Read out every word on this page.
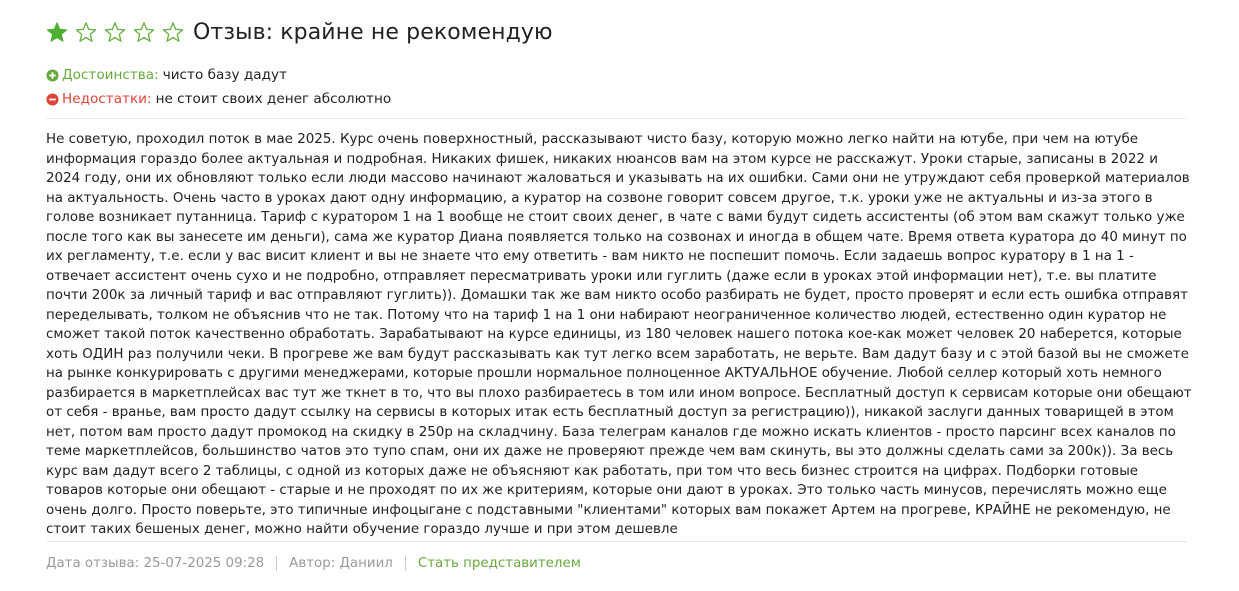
Отзыв: крайне не рекомендую
Достоинства: чисто базу дадут
Недостатки: не стоит своих денег абсолютно

Не советую, проходил поток в мае 2025. Курс очень поверхностный, рассказывают чисто базу, которую можно легко найти на ютубе, при чем на ютубе информация гораздо более актуальная и подробная. Никаких фишек, никаких нюансов вам на этом курсе не расскажут. Уроки старые, записаны в 2022 и 2024 году, они их обновляют только если люди массово начинают жаловаться и указывать на их ошибки. Сами они не утруждают себя проверкой материалов на актуальность. Очень часто в уроках дают одну информацию, а куратор на созвоне говорит совсем другое, т.к. уроки уже не актуальны и из-за этого в голове возникает путанница. Тариф с куратором 1 на 1 вообще не стоит своих денег, в чате с вами будут сидеть ассистенты (об этом вам скажут только уже после того как вы занесете им деньги), сама же куратор Диана появляется только на созвонах и иногда в общем чате. Время ответа куратора до 40 минут по их регламенту, т.е. если у вас висит клиент и вы не знаете что ему ответить - вам никто не поспешит помочь. Если задаешь вопрос куратору в 1 на 1 - отвечает ассистент очень сухо и не подробно, отправляет пересматривать уроки или гуглить (даже если в уроках этой информации нет), т.е. вы платите почти 200к за личный тариф и вас отправляют гуглить)). Домашки так же вам никто особо разбирать не будет, просто проверят и если есть ошибка отправят переделывать, толком не объяснив что не так. Потому что на тариф 1 на 1 они набирают неограниченное количество людей, естественно один куратор не сможет такой поток качественно обработать. Зарабатывают на курсе единицы, из 180 человек нашего потока кое-как может человек 20 наберется, которые хоть ОДИН раз получили чеки. В прогреве же вам будут рассказывать как тут легко всем заработать, не верьте. Вам дадут базу и с этой базой вы не сможете на рынке конкурировать с другими менеджерами, которые прошли нормальное полноценное АКТУАЛЬНОЕ обучение. Любой селлер который хоть немного разбирается в маркетплейсах вас тут же ткнет в то, что вы плохо разбираетесь в том или ином вопросе. Бесплатный доступ к сервисам которые они обещают от себя - вранье, вам просто дадут ссылку на сервисы в которых итак есть бесплатный доступ за регистрацию)), никакой заслуги данных товарищей в этом нет, потом вам просто дадут промокод на скидку в 250р на складчину. База телеграм каналов где можно искать клиентов - просто парсинг всех каналов по теме маркетплейсов, большинство чатов это тупо спам, они их даже не проверяют прежде чем вам скинуть, вы это должны сделать сами за 200к)). За весь курс вам дадут всего 2 таблицы, с одной из которых даже не объясняют как работать, при том что весь бизнес строится на цифрах. Подборки готовые товаров которые они обещают - старые и не проходят по их же критериям, которые они дают в уроках. Это только часть минусов, перечислять можно еще очень долго. Просто поверьте, это типичные инфоцыгане с подставными "клиентами" которых вам покажет Артем на прогреве, КРАЙНЕ не рекомендую, не стоит таких бешеных денег, можно найти обучение гораздо лучше и при этом дешевле

Дата отзыва: 25-07-2025 09:28 Автор: Даниил Стать представителем
